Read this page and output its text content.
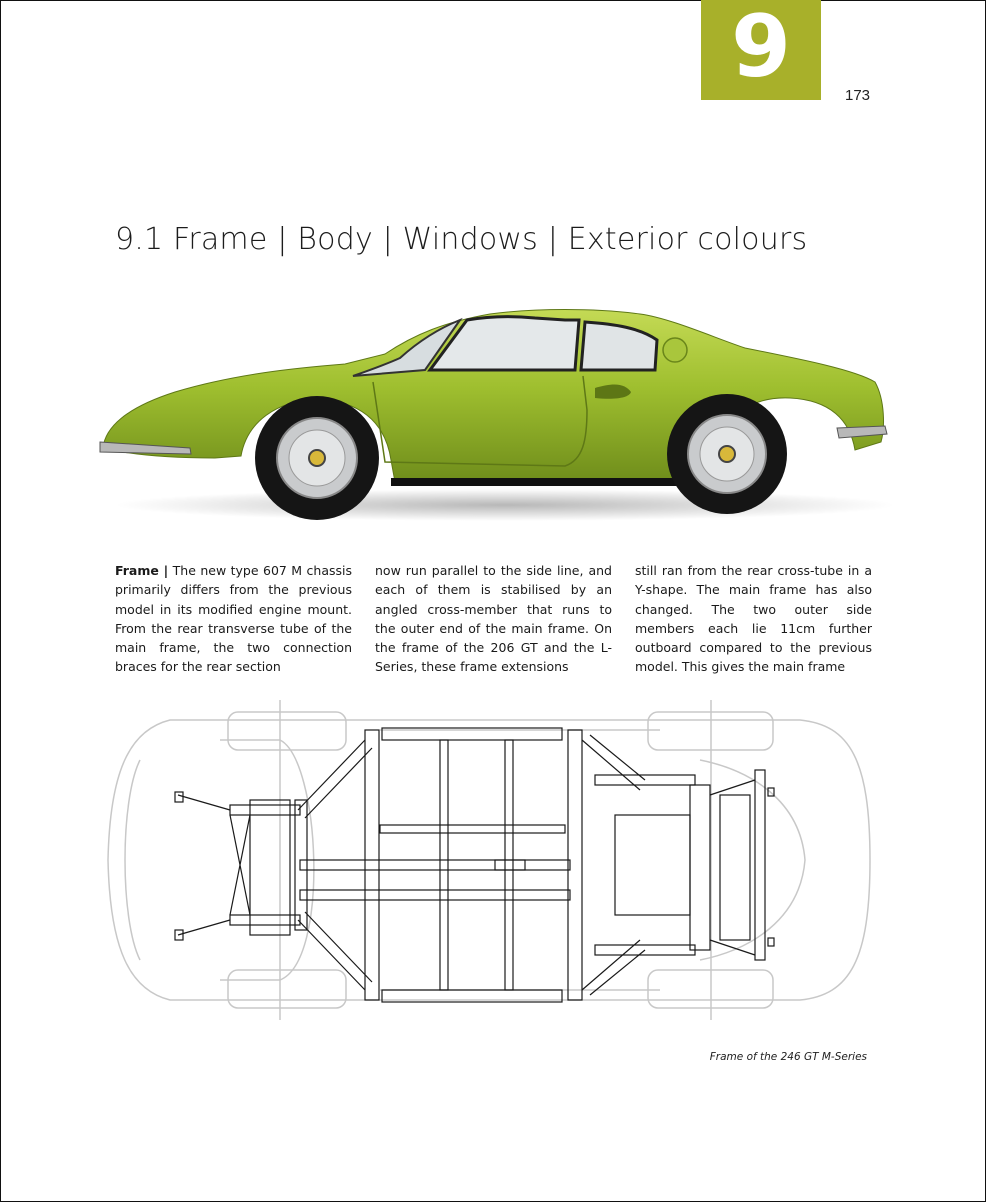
9	173
9.1 Frame | Body | Windows | Exterior colours
Frame | The new type 607 M chassis primarily differs from the previous model in its modified engine mount. From the rear transverse tube of the main frame, the two connection braces for the rear section
now run parallel to the side line, and each of them is stabilised by an angled cross-member that runs to the outer end of the main frame. On the frame of the 206 GT and the L-Series, these frame extensions
still ran from the rear cross-tube in a Y-shape. The main frame has also changed. The two outer side members each lie 11cm further outboard compared to the previous model. This gives the main frame
Frame of the 246 GT M-Series
